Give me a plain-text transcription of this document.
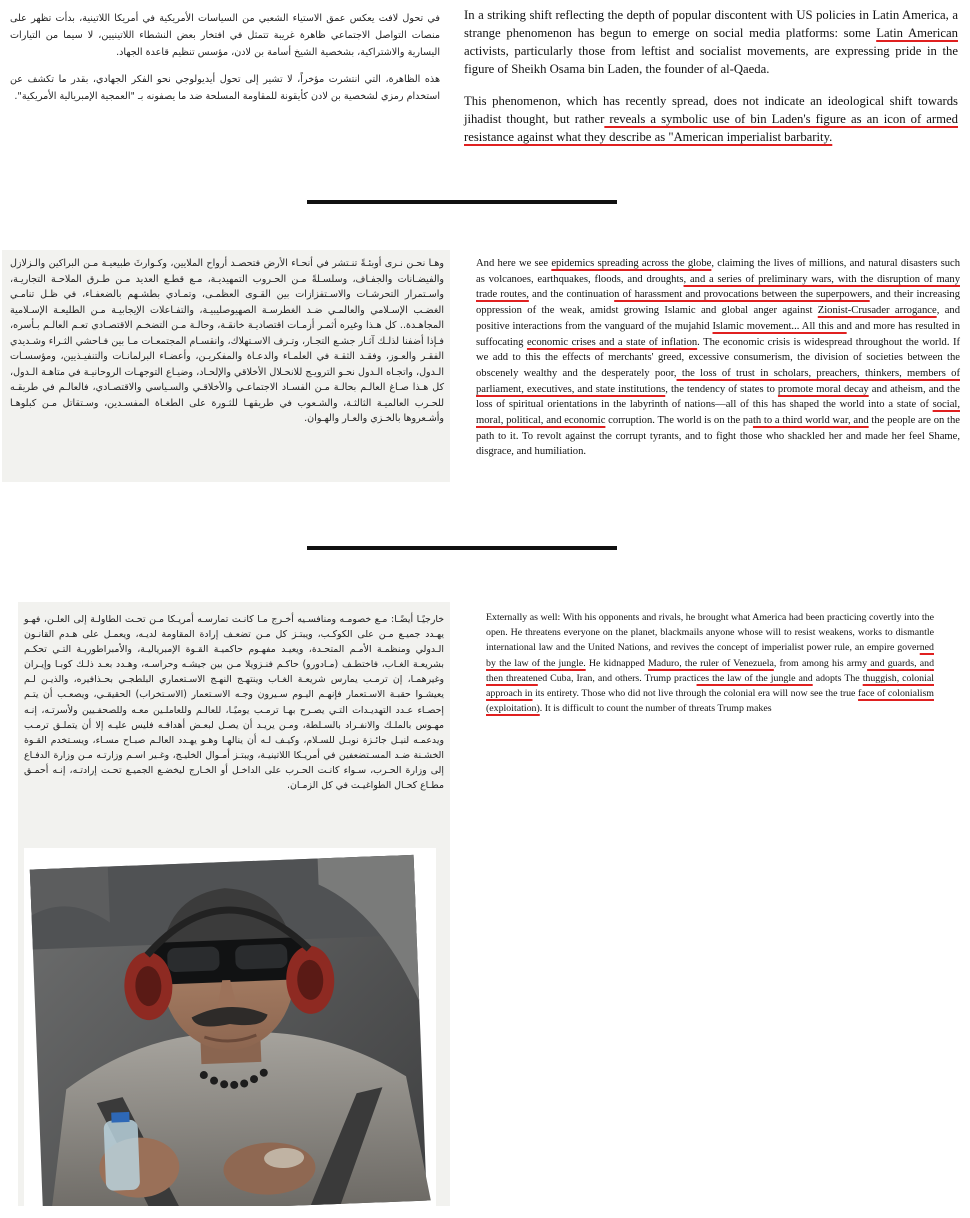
في تحول لافت يعكس عمق الاستياء الشعبي من السياسات الأمريكية في أمريكا اللاتينية، بدأت تظهر على منصات التواصل الاجتماعي ظاهرة غريبة تتمثل في افتخار بعض النشطاء اللاتينيين، لا سيما من التيارات اليسارية والاشتراكية، بشخصية الشيخ أسامة بن لادن، مؤسس تنظيم قاعدة الجهاد.

هذه الظاهرة، التي انتشرت مؤخراً، لا تشير إلى تحول أيديولوجي نحو الفكر الجهادي، بقدر ما تكشف عن استخدام رمزي لشخصية بن لادن كأيقونة للمقاومة المسلحة ضد ما يصفونه بـ "العمجية الإمبريالية الأمريكية".

In a striking shift reflecting the depth of popular discontent with US policies in Latin America, a strange phenomenon has begun to emerge on social media platforms: some Latin American activists, particularly those from leftist and socialist movements, are expressing pride in the figure of Sheikh Osama bin Laden, the founder of al-Qaeda.

This phenomenon, which has recently spread, does not indicate an ideological shift towards jihadist thought, but rather reveals a symbolic use of bin Laden's figure as an icon of armed resistance against what they describe as "American imperialist barbarity.

وهـا نحـن نـرى أوبئـةً تنـتشر في أنحـاء الأرض فتحصـد أرواح الملايين، وكـوارثَ طبيعيـة مـن البراكين والـزلازل والفيضـانات والجفـاف، وسلسـلةً مـن الحـروب التمهيديـة، مـع قطـع العديد مـن طـرق الملاحـة التجاريـة، واسـتمرار التحرشـات والاسـتفزازات بين القـوى العظمـى، وتمـادي بطشـهم بالضعفـاء، في ظـل تنامـي الغضـب الإسـلامي والعالمـي ضـد الغطرسـة الصهيوصليبيـة، والتفـاعلات الإيجابيـة مـن الطليعـة الإسـلامية المجاهـدة.. كل هـذا وغيره أثمـر أزمـات اقتصاديـة خانقـة، وحالـة مـن التضخـم الاقتصـادي تعـم العالـم بـأسره، فـإذا أضفنا لذلـك آثـار جشـع التجـار، وتـرف الاسـتهلاك، وانقسـام المجتمعـات مـا بين فـاحشي الثـراء وشـديدي الفقـر والعـوز، وفقـد الثقـة في العلمـاء والدعـاة والمفكريـن، وأعضـاء البرلمانـات والتنفيـذيين، ومؤسسـات الـدول، واتجـاه الـدول نحـو الترويـج للانحـلال الأخلاقي والإلحـاد، وضيـاع التوجهـات الروحانيـة في متاهـة الـدول، كل هـذا صـاغ العالـم بحالـة مـن الفسـاد الاجتماعـي والأخلاقـي والسـياسي والاقتصـادي، فالعالـم في طريقـه للحـرب العالميـة الثالثـة، والشـعوب في طريقهـا للثـورة على الطغـاة المفسـدين، وسـتقاتل مـن كبلوهـا وأشـعروها بالخـزي والعـار والهـوان.
And here we see epidemics spreading across the globe, claiming the lives of millions, and natural disasters such as volcanoes, earthquakes, floods, and droughts, and a series of preliminary wars, with the disruption of many trade routes, and the continuation of harassment and provocations between the superpowers, and their increasing oppression of the weak, amidst growing Islamic and global anger against Zionist-Crusader arrogance, and positive interactions from the vanguard of the mujahid Islamic movement... All this and and more has resulted in suffocating economic crises and a state of inflation. The economic crisis is widespread throughout the world. If we add to this the effects of merchants' greed, excessive consumerism, the division of societies between the obscenely wealthy and the desperately poor, the loss of trust in scholars, preachers, thinkers, members of parliament, executives, and state institutions, the tendency of states to promote moral decay and atheism, and the loss of spiritual orientations in the labyrinth of nations—all of this has shaped the world into a state of social, moral, political, and economic corruption. The world is on the path to a third world war, and the people are on the path to it. To revolt against the corrupt tyrants, and to fight those who shackled her and made her feel Shame, disgrace, and humiliation.
خارجيًـا أيضًـا: مـع خصومـه ومنافسـيه أخـرج مـا كانـت تمارسـه أمريـكا مـن تحـت الطاولـة إلى العلـن، فهـو يهـدد جميـع مـن على الكوكـب، ويبتـز كل مـن تضعـف إرادة المقاومة لديـه، ويعمـل على هـدم القانـون الـدولي ومنظمـة الأمـم المتحـدة، ويعيـد مفهـوم حاكميـة القـوة الإمبرياليـة، والأمبراطوريـة التـي تحكـم بشريعـة الغـاب، فاختطـف (مـادورو) حاكـم فنـزويلا مـن بين جيشـه وحراسـه، وهـدد بعـد ذلـك كوبـا وإيـران وغيرهمـا، إن ترمـب يمارس شريعـة الغـاب وينتهـج النهـج الاسـتعماري البلطجـي بحـذافيره، والذيـن لـم يعيشـوا حقبـة الاسـتعمار فإنهـم اليـوم سـيرون وجـه الاسـتعمار (الاسـتخراب) الحقيقـي، ويصعـب أن يتـم إحصـاء عـدد التهديـدات التـي يصـرح بهـا ترمـب يوميًـا، للعالـم وللعاملـين معـه وللصحفـيين ولأسرتـه، إنـه مهـوس بالملـك والانفـراد بالسـلطة، ومـن يريـد أن يصـل لبعـض أهدافـه فليس عليـه إلا أن يتملـق ترمـب ويدعمـه لنيـل جائـزة نوبـل للسـلام، وكيـف لـه أن ينالهـا وهـو يهـدد العالـم صبـاح مسـاء، ويسـتخدم القـوة الخشـنة ضـد المسـتضعفين في أمريـكا اللاتينيـة، ويبتـز أمـوال الخليـج، وغـير اسـم وزارتـه مـن وزارة الدفـاع إلى وزارة الحـرب، سـواء كانـت الحـرب على الداخـل أو الخـارج ليخضـع الجميـع تحـت إرادتـه، إنـه أحمـق مطـاع كحـال الطواغيـت في كل الزمـان.
Externally as well: With his opponents and rivals, he brought what America had been practicing covertly into the open. He threatens everyone on the planet, blackmails anyone whose will to resist weakens, works to dismantle international law and the United Nations, and revives the concept of imperialist power rule, an empire governed by the law of the jungle. He kidnapped Maduro, the ruler of Venezuela, from among his army and guards, and then threatened Cuba, Iran, and others. Trump practices the law of the jungle and adopts The thuggish, colonial approach in its entirety. Those who did not live through the colonial era will now see the true face of colonialism (exploitation). It is difficult to count the number of threats Trump makes
